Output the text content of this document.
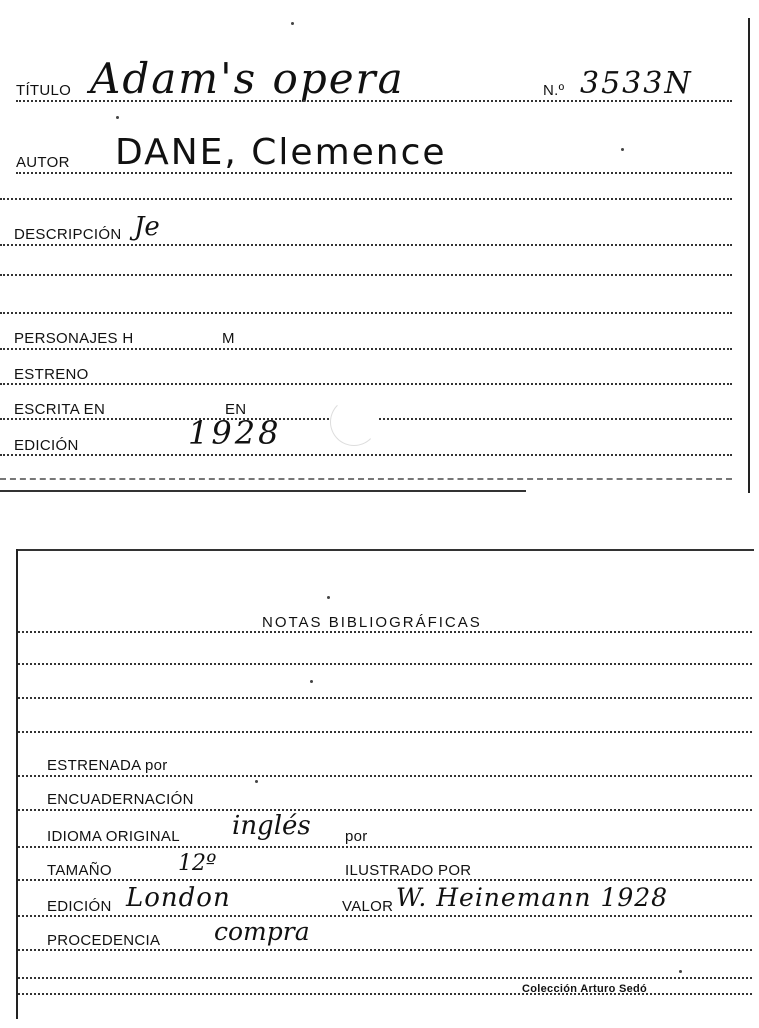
TÍTULO Adam's opera	N.º 3533N
AUTOR DANE, Clemence
DESCRIPCIÓN Je
PERSONAJES H	M
ESTRENO
ESCRITA EN	EN
EDICIÓN	1928
NOTAS BIBLIOGRÁFICAS
ESTRENADA por
ENCUADERNACIÓN
IDIOMA ORIGINAL inglés por
TAMAÑO	12º	ILUSTRADO POR
EDICIÓN London	VALOR W. Heinemann 1928
PROCEDENCIA compra
Colección Arturo Sedó
